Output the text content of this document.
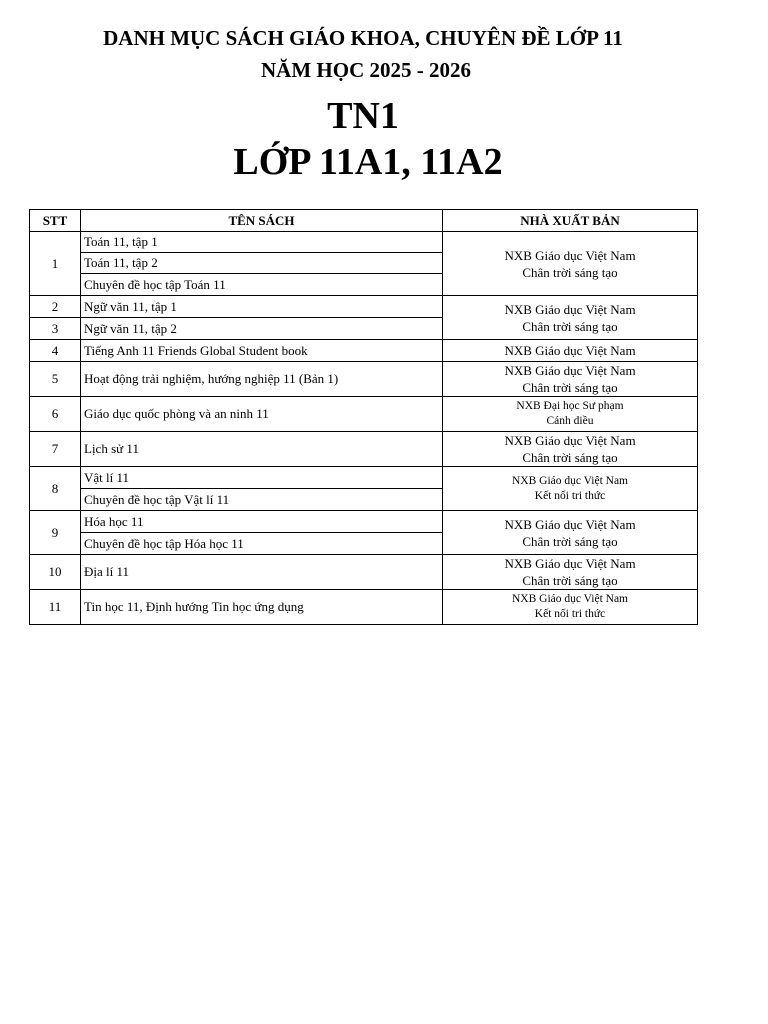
DANH MỤC SÁCH GIÁO KHOA, CHUYÊN ĐỀ LỚP 11
NĂM HỌC 2025 - 2026
TN1
LỚP 11A1, 11A2
STT	TÊN SÁCH	NHÀ XUẤT BẢN
1	Toán 11, tập 1	NXB Giáo dục Việt Nam
Chân trời sáng tạo

	Toán 11, tập 2	
	Chuyên đề học tập Toán 11	
2	Ngữ văn 11, tập 1	NXB Giáo dục Việt Nam
Chân trời sáng tạo

3	Ngữ văn 11, tập 2	
4	Tiếng Anh 11 Friends Global Student book	NXB Giáo dục Việt Nam

5	Hoạt động trải nghiệm, hướng nghiệp 11 (Bản 1)	NXB Giáo dục Việt Nam
Chân trời sáng tạo

6	Giáo dục quốc phòng và an ninh 11	NXB Đại học Sư phạm
Cánh diều

7	Lịch sử 11	NXB Giáo dục Việt Nam
Chân trời sáng tạo

8	Vật lí 11	NXB Giáo dục Việt Nam
Kết nối tri thức

	Chuyên đề học tập Vật lí 11	
9	Hóa học 11	NXB Giáo dục Việt Nam
Chân trời sáng tạo

	Chuyên đề học tập Hóa học 11	
10	Địa lí 11	NXB Giáo dục Việt Nam
Chân trời sáng tạo

11	Tin học 11, Định hướng Tin học ứng dụng	NXB Giáo dục Việt Nam
Kết nối tri thức
